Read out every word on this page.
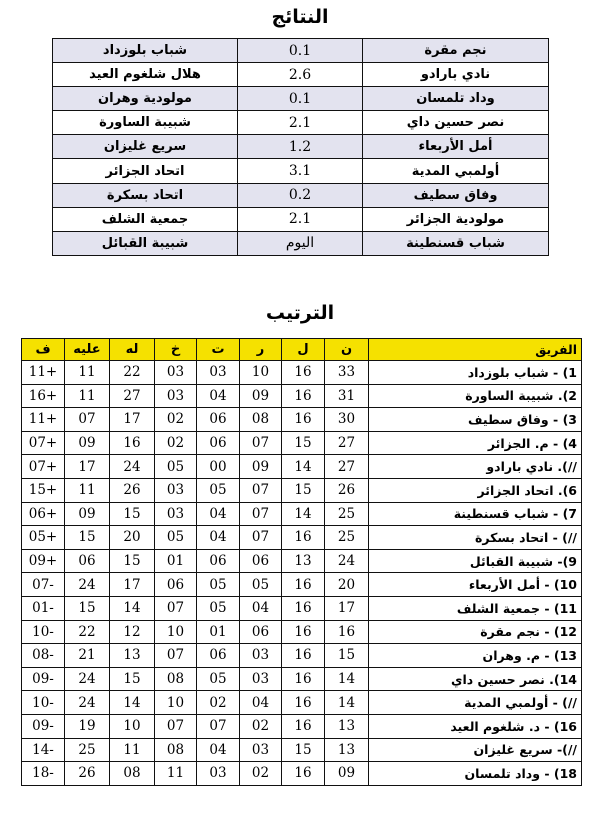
النتائج
شباب بلوزداد	0.1	نجم مقرة
هلال شلغوم العيد	2.6	نادي بارادو
مولودية وهران	0.1	وداد تلمسان
شبيبة الساورة	2.1	نصر حسين داي
سريع غليزان	1.2	أمل الأربعاء
اتحاد الجزائر	3.1	أولمبي المدية
اتحاد بسكرة	0.2	وفاق سطيف
جمعية الشلف	2.1	مولودية الجزائر
شبيبة القبائل	اليوم	شباب قسنطينة
الترتيب
ف	عليه	له	خ	ت	ر	ل	ن	الفريق
11+	11	22	03	03	10	16	33	1) - شباب بلوزداد
16+	11	27	03	04	09	16	31	2). شبيبة الساورة
11+	07	17	02	06	08	16	30	3) - وفاق سطيف
07+	09	16	02	06	07	15	27	4) - م. الجزائر
07+	17	24	05	00	09	14	27	//). نادي بارادو
15+	11	26	03	05	07	15	26	6). اتحاد الجزائر
06+	09	15	03	04	07	14	25	7) - شباب قسنطينة
05+	15	20	05	04	07	16	25	//) - اتحاد بسكرة
09+	06	15	01	06	06	13	24	9)- شبيبة القبائل
07-	24	17	06	05	05	16	20	10) - أمل الأربعاء
01-	15	14	07	05	04	16	17	11) - جمعية الشلف
10-	22	12	10	01	06	16	16	12) - نجم مقرة
08-	21	13	07	06	03	16	15	13) - م. وهران
09-	24	15	08	05	03	16	14	14). نصر حسين داي
10-	24	14	10	02	04	16	14	//) - أولمبي المدية
09-	19	10	07	07	02	16	13	16) - د. شلغوم العيد
14-	25	11	08	04	03	15	13	//)- سريع غليزان
18-	26	08	11	03	02	16	09	18) - وداد تلمسان
